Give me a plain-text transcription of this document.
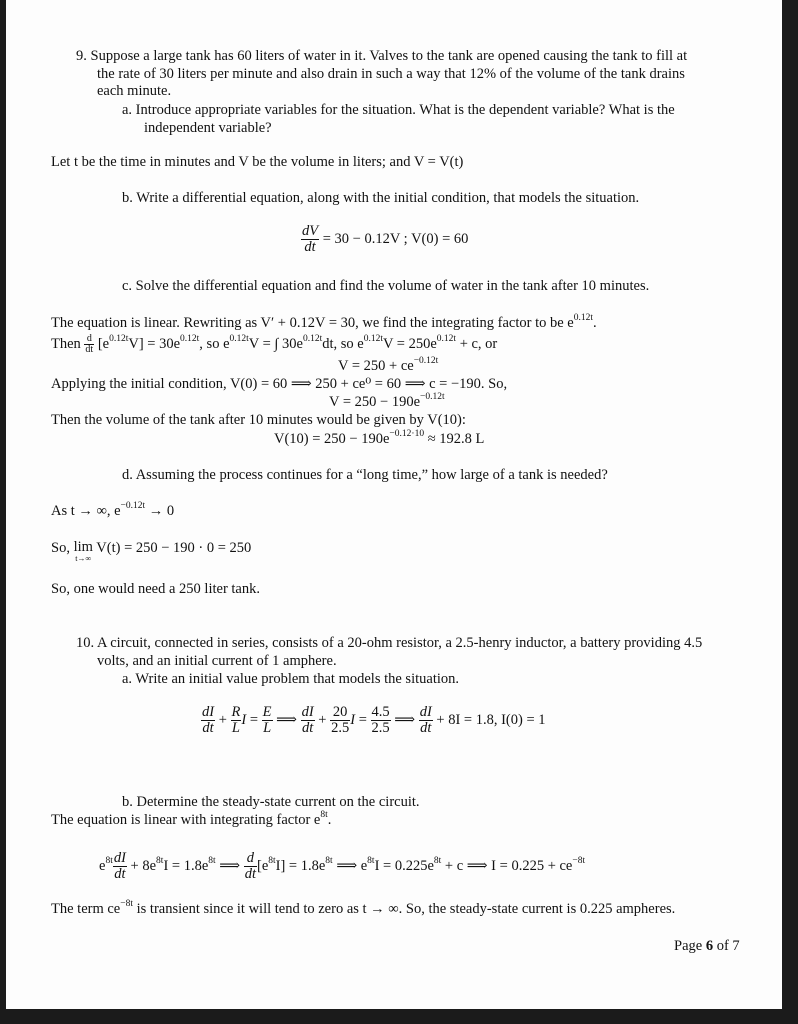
9. Suppose a large tank has 60 liters of water in it. Valves to the tank are opened causing the tank to fill at
the rate of 30 liters per minute and also drain in such a way that 12% of the volume of the tank drains
each minute.
a. Introduce appropriate variables for the situation. What is the dependent variable? What is the
independent variable?
Let t be the time in minutes and V be the volume in liters; and V = V(t)
b. Write a differential equation, along with the initial condition, that models the situation.
$\frac{dV}{dt} = 30 - 0.12V$ ; V(0) = 60
c. Solve the differential equation and find the volume of water in the tank after 10 minutes.
The equation is linear. Rewriting as V′ + 0.12V = 30, we find the integrating factor to be $e^{0.12t}$.
Then $\frac{d}{dt} [e^{0.12t}V] = 30e^{0.12t}$, so $e^{0.12t}V$ = ∫ $30e^{0.12t}dt$, so $e^{0.12t}V = 250e^{0.12t} + c$, or
$V = 250 + ce^{-0.12t}$
Applying the initial condition, V(0) = 60 ⟹ 250 + ce⁰ = 60 ⟹ c = −190. So,
$V = 250 - 190e^{-0.12t}$
Then the volume of the tank after 10 minutes would be given by V(10):
$V(10) = 250 - 190e^{-0.12\cdot 10} \approx 192.8$ L
d. Assuming the process continues for a “long time,” how large of a tank is needed?
As t → ∞, $e^{-0.12t} \to 0$
So, lim
t→∞
V(t) = 250 − 190 · 0 = 250
So, one would need a 250 liter tank.
10. A circuit, connected in series, consists of a 20-ohm resistor, a 2.5-henry inductor, a battery providing 4.5
volts, and an initial current of 1 amphere.
a. Write an initial value problem that models the situation.
$\frac{dI}{dt} + \frac{R}{L}$ $I = \frac{E}{L}$ ⟹ $\frac{dI}{dt} + \frac{20}{2.5}$ $I = \frac{4.5}{2.5}$ ⟹ $\frac{dI}{dt} + 8I = 1.8$, I(0) = 1
b. Determine the steady-state current on the circuit.
The equation is linear with integrating factor $e^{8t}$.
$e^{8t} \frac{dI}{dt} + 8e^{8t}I = 1.8e^{8t}$ ⟹ $\frac{d}{dt} [e^{8t}I] = 1.8e^{8t}$ ⟹ $e^{8t}I = 0.225e^{8t} + c$ ⟹ $I = 0.225 + ce^{-8t}$
The term $ce^{-8t}$ is transient since it will tend to zero as t → ∞. So, the steady-state current is 0.225 ampheres.
Page 6 of 7
